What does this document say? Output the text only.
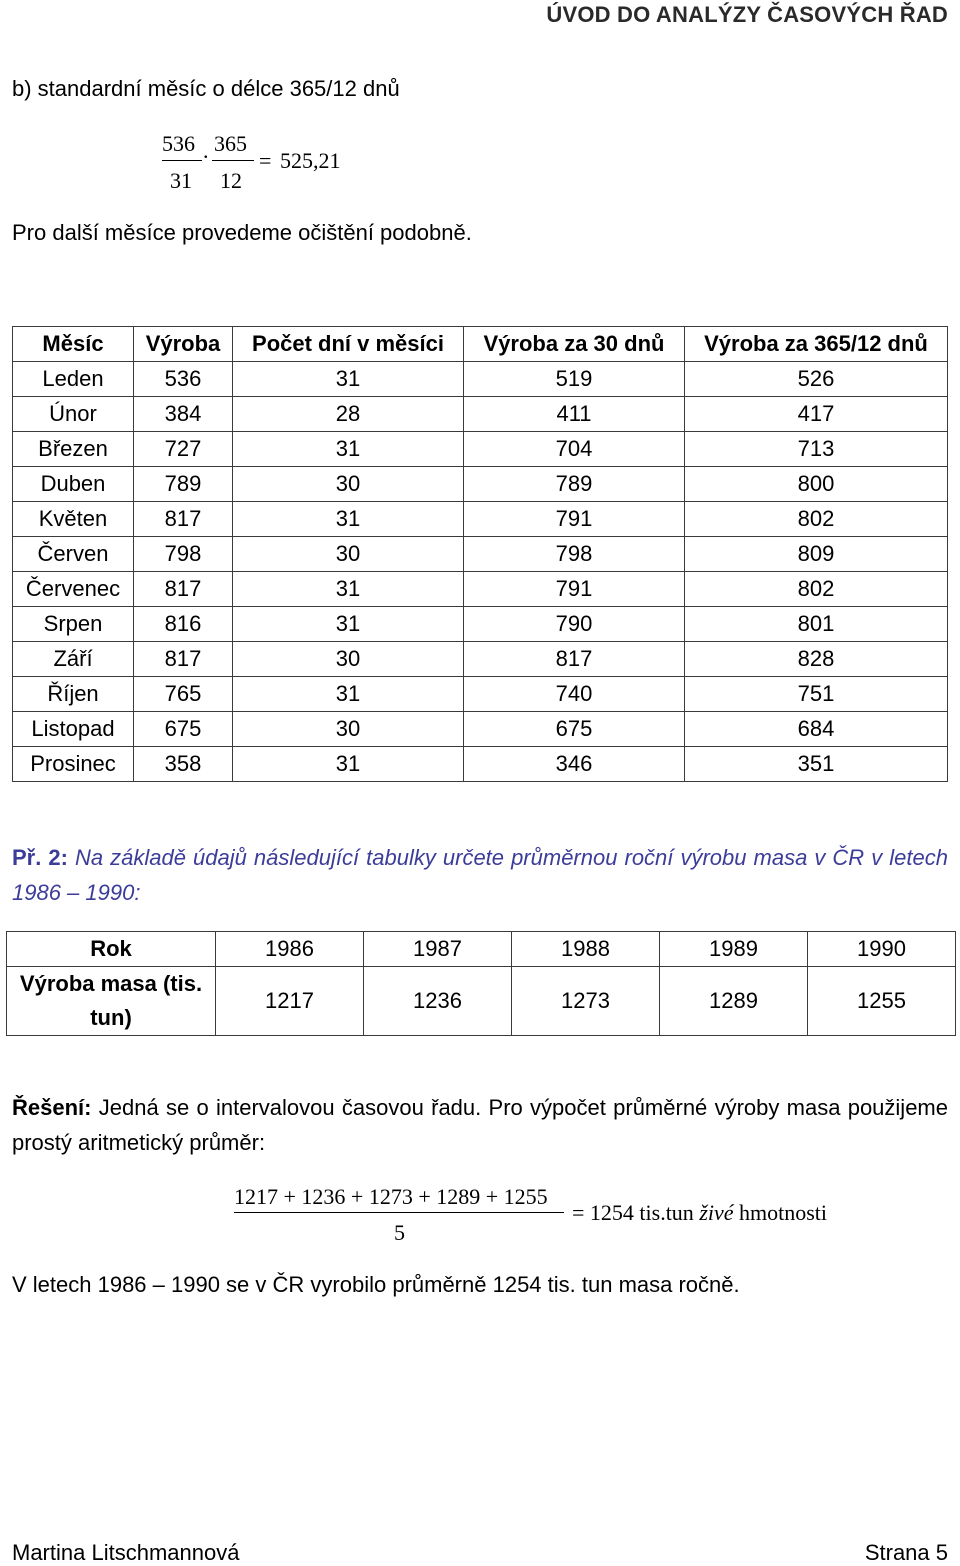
ÚVOD DO ANALÝZY ČASOVÝCH ŘAD
b) standardní měsíc o délce 365/12 dnů
536
31
. 365
12
= 525,21
Pro další měsíce provedeme očištění podobně.
Měsíc	Výroba	Počet dní v měsíci	Výroba za 30 dnů	Výroba za 365/12 dnů
Leden	536	31	519	526
Únor	384	28	411	417
Březen	727	31	704	713
Duben	789	30	789	800
Květen	817	31	791	802
Červen	798	30	798	809
Červenec	817	31	791	802
Srpen	816	31	790	801
Září	817	30	817	828
Říjen	765	31	740	751
Listopad	675	30	675	684
Prosinec	358	31	346	351
Př. 2: Na základě údajů následující tabulky určete průměrnou roční výrobu masa v ČR v letech 1986 – 1990:
Rok	1986	1987	1988	1989	1990
Výroba masa (tis. tun)	1217	1236	1273	1289	1255
Řešení: Jedná se o intervalovou časovou řadu. Pro výpočet průměrné výroby masa použijeme prostý aritmetický průměr:
1217 + 1236 + 1273 + 1289 + 1255
5
= 1254 tis.tun živé hmotnosti
V letech 1986 – 1990 se v ČR vyrobilo průměrně 1254 tis. tun masa ročně.
Martina Litschmannová	Strana 5
